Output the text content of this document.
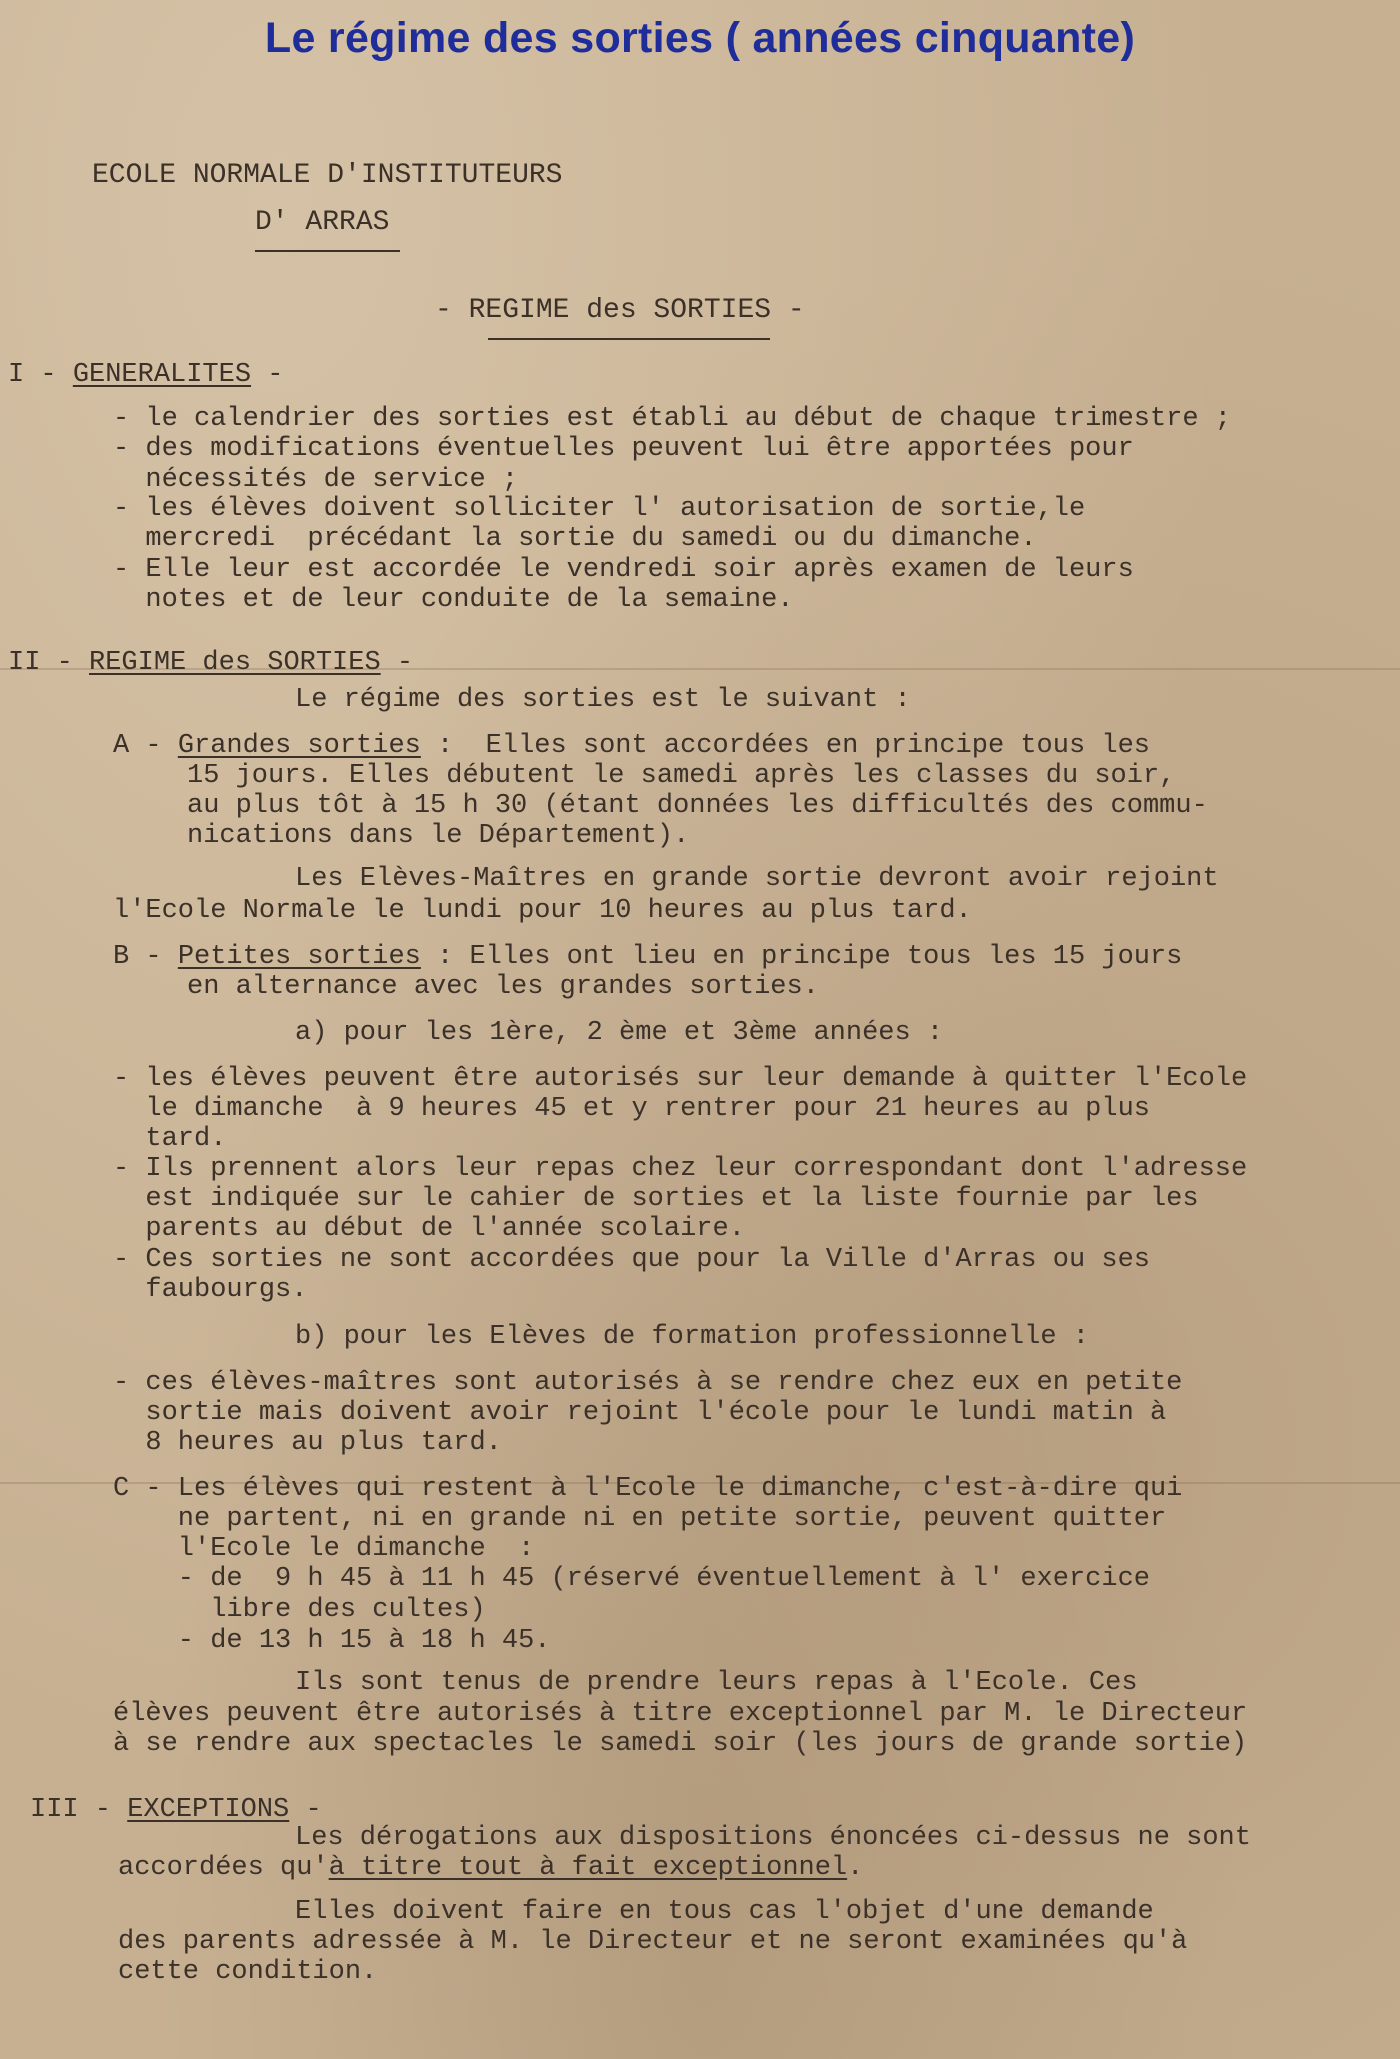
Le régime des sorties ( années cinquante)
ECOLE NORMALE D'INSTITUTEURS
D' ARRAS
- REGIME des SORTIES -
I - GENERALITES -
- le calendrier des sorties est établi au début de chaque trimestre ;
- des modifications éventuelles peuvent lui être apportées pour
nécessités de service ;
- les élèves doivent solliciter l' autorisation de sortie,le
mercredi  précédant la sortie du samedi ou du dimanche.
- Elle leur est accordée le vendredi soir après examen de leurs
notes et de leur conduite de la semaine.
II - REGIME des SORTIES -
Le régime des sorties est le suivant :
A - Grandes sorties :  Elles sont accordées en principe tous les
15 jours. Elles débutent le samedi après les classes du soir,
au plus tôt à 15 h 30 (étant données les difficultés des commu-
nications dans le Département).
Les Elèves-Maîtres en grande sortie devront avoir rejoint
l'Ecole Normale le lundi pour 10 heures au plus tard.
B - Petites sorties : Elles ont lieu en principe tous les 15 jours
en alternance avec les grandes sorties.
a) pour les 1ère, 2 ème et 3ème années :
- les élèves peuvent être autorisés sur leur demande à quitter l'Ecole
le dimanche  à 9 heures 45 et y rentrer pour 21 heures au plus
tard.
- Ils prennent alors leur repas chez leur correspondant dont l'adresse
est indiquée sur le cahier de sorties et la liste fournie par les
parents au début de l'année scolaire.
- Ces sorties ne sont accordées que pour la Ville d'Arras ou ses
faubourgs.
b) pour les Elèves de formation professionnelle :
- ces élèves-maîtres sont autorisés à se rendre chez eux en petite
sortie mais doivent avoir rejoint l'école pour le lundi matin à
8 heures au plus tard.
C - Les élèves qui restent à l'Ecole le dimanche, c'est-à-dire qui
ne partent, ni en grande ni en petite sortie, peuvent quitter
l'Ecole le dimanche  :
- de  9 h 45 à 11 h 45 (réservé éventuellement à l' exercice
libre des cultes)
- de 13 h 15 à 18 h 45.
Ils sont tenus de prendre leurs repas à l'Ecole. Ces
élèves peuvent être autorisés à titre exceptionnel par M. le Directeur
à se rendre aux spectacles le samedi soir (les jours de grande sortie)
III - EXCEPTIONS -
Les dérogations aux dispositions énoncées ci-dessus ne sont
accordées qu'à titre tout à fait exceptionnel.
Elles doivent faire en tous cas l'objet d'une demande
des parents adressée à M. le Directeur et ne seront examinées qu'à
cette condition.
